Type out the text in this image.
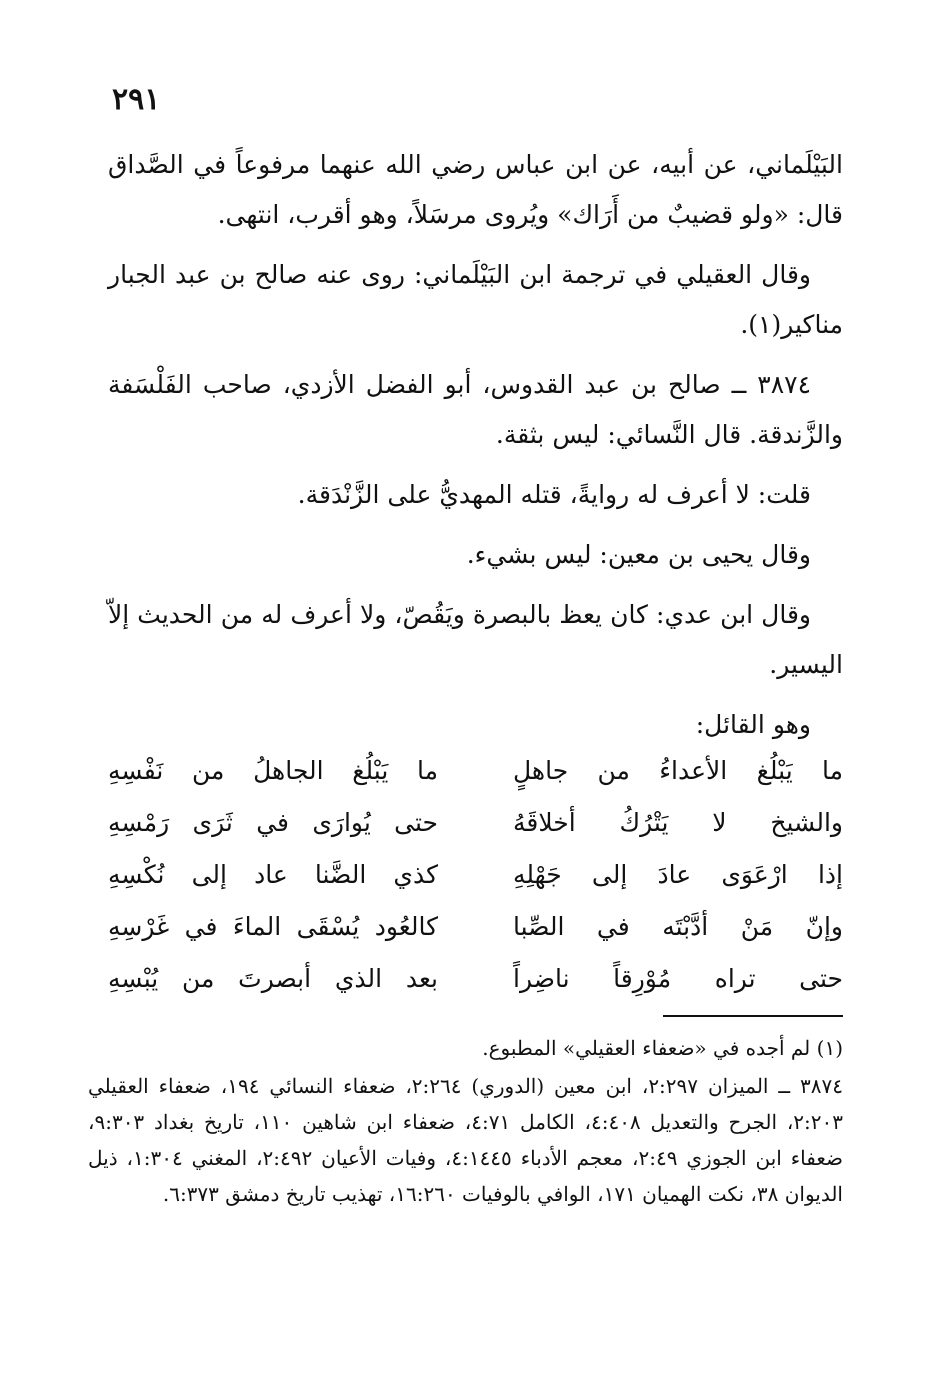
٢٩١

البَيْلَماني، عن أبيه، عن ابن عباس رضي الله عنهما مرفوعاً في الصَّداق قال: «ولو قضيبٌ من أَرَاك» ويُروى مرسَلاً، وهو أقرب، انتهى.

وقال العقيلي في ترجمة ابن البَيْلَماني: روى عنه صالح بن عبد الجبار مناكير(١).

٣٨٧٤ ــ صالح بن عبد القدوس، أبو الفضل الأزدي، صاحب الفَلْسَفة والزَّندقة. قال النَّسائي: ليس بثقة.

قلت: لا أعرف له روايةً، قتله المهديُّ على الزَّنْدَقة.

وقال يحيى بن معين: ليس بشيء.

وقال ابن عدي: كان يعظ بالبصرة ويَقُصّ، ولا أعرف له من الحديث إلاّ اليسير.

وهو القائل:

ما يَبْلُغ الأعداءُ من جاهلٍ
ما يَبْلُغ الجاهلُ من نَفْسِهِ
والشيخ لا يَتْرُكُ أخلاقَهُ
حتى يُوارَى في ثَرَى رَمْسِهِ
إذا ارْعَوَى عادَ إلى جَهْلِهِ
كذي الضَّنا عاد إلى نُكْسِهِ
وإنّ مَنْ أدَّبْتَه في الصِّبا
كالعُود يُسْقَى الماءَ في غَرْسِهِ
حتى تراه مُوْرِقاً ناضِراً
بعد الذي أبصرتَ من يُبْسِهِ

(١) لم أجده في «ضعفاء العقيلي» المطبوع.

٣٨٧٤ ــ الميزان ٢:٢٩٧، ابن معين (الدوري) ٢:٢٦٤، ضعفاء النسائي ١٩٤، ضعفاء العقيلي ٢:٢٠٣، الجرح والتعديل ٤:٤٠٨، الكامل ٤:٧١، ضعفاء ابن شاهين ١١٠، تاريخ بغداد ٩:٣٠٣، ضعفاء ابن الجوزي ٢:٤٩، معجم الأدباء ٤:١٤٤٥، وفيات الأعيان ٢:٤٩٢، المغني ١:٣٠٤، ذيل الديوان ٣٨، نكت الهميان ١٧١، الوافي بالوفيات ١٦:٢٦٠، تهذيب تاريخ دمشق ٦:٣٧٣.
